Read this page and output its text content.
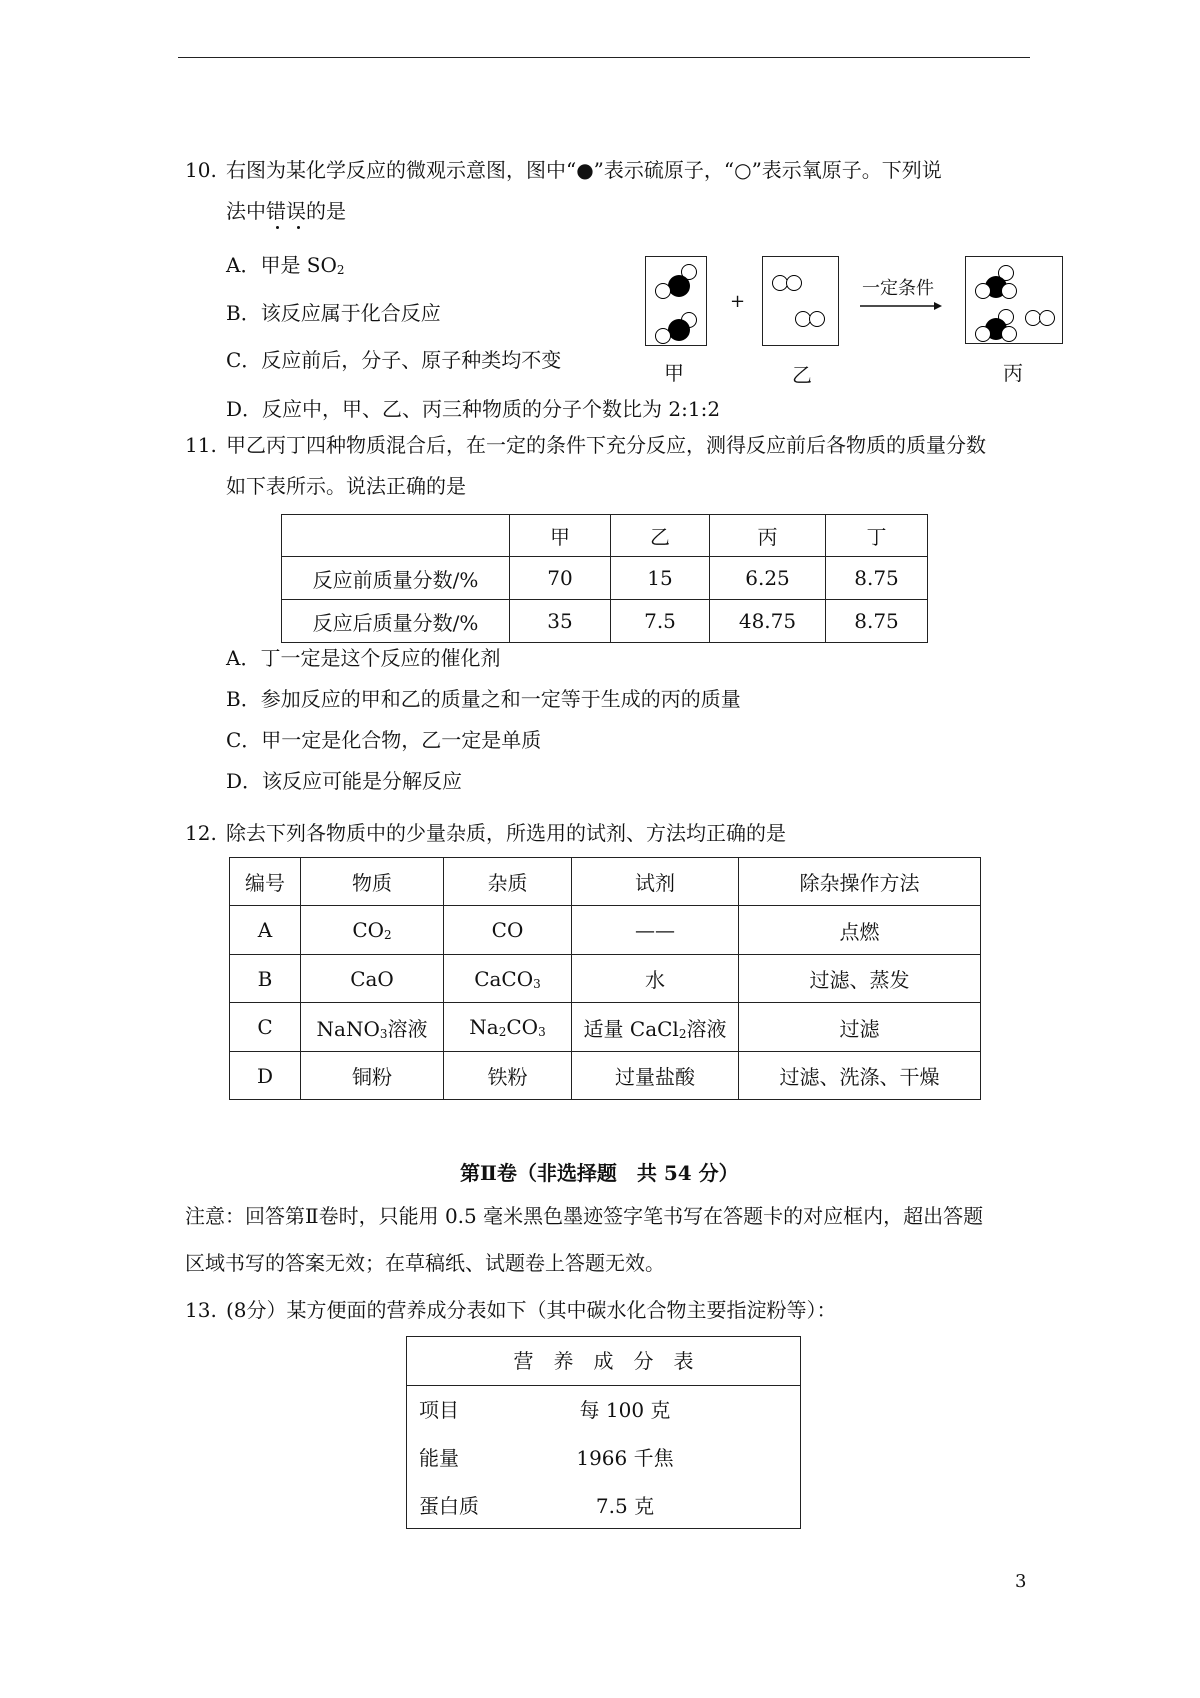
10. 右图为某化学反应的微观示意图，图中“●”表示硫原子，“○”表示氧原子。下列说
法中错误的是
A．甲是 $SO_2$
B．该反应属于化合反应
C．反应前后，分子、原子种类均不变
D．反应中，甲、乙、丙三种物质的分子个数比为 2:1:2
+
一定条件
甲	乙	丙
11. 甲乙丙丁四种物质混合后，在一定的条件下充分反应，测得反应前后各物质的质量分数
如下表所示。说法正确的是
	甲	乙	丙	丁
反应前质量分数/%	70	15	6.25	8.75
反应后质量分数/%	35	7.5	48.75	8.75
A．丁一定是这个反应的催化剂
B．参加反应的甲和乙的质量之和一定等于生成的丙的质量
C．甲一定是化合物，乙一定是单质
D．该反应可能是分解反应
12. 除去下列各物质中的少量杂质，所选用的试剂、方法均正确的是
编号	物质	杂质	试剂	除杂操作方法
A	$CO_2$	CO	——	点燃
B	CaO	CaCO$_3$	水	过滤、蒸发
C	NaNO$_3$溶液	$Na_2CO_3$	适量 CaCl$_2$溶液	过滤
D	铜粉	铁粉	过量盐酸	过滤、洗涤、干燥
第Ⅱ卷（非选择题　共 54 分）
注意：回答第Ⅱ卷时，只能用 0.5 毫米黑色墨迹签字笔书写在答题卡的对应框内，超出答题
区域书写的答案无效；在草稿纸、试题卷上答题无效。
13. (8分）某方便面的营养成分表如下（其中碳水化合物主要指淀粉等）：
营　养　成　分　表
项目	每 100 克
能量	1966 千焦
蛋白质	7.5 克
3
